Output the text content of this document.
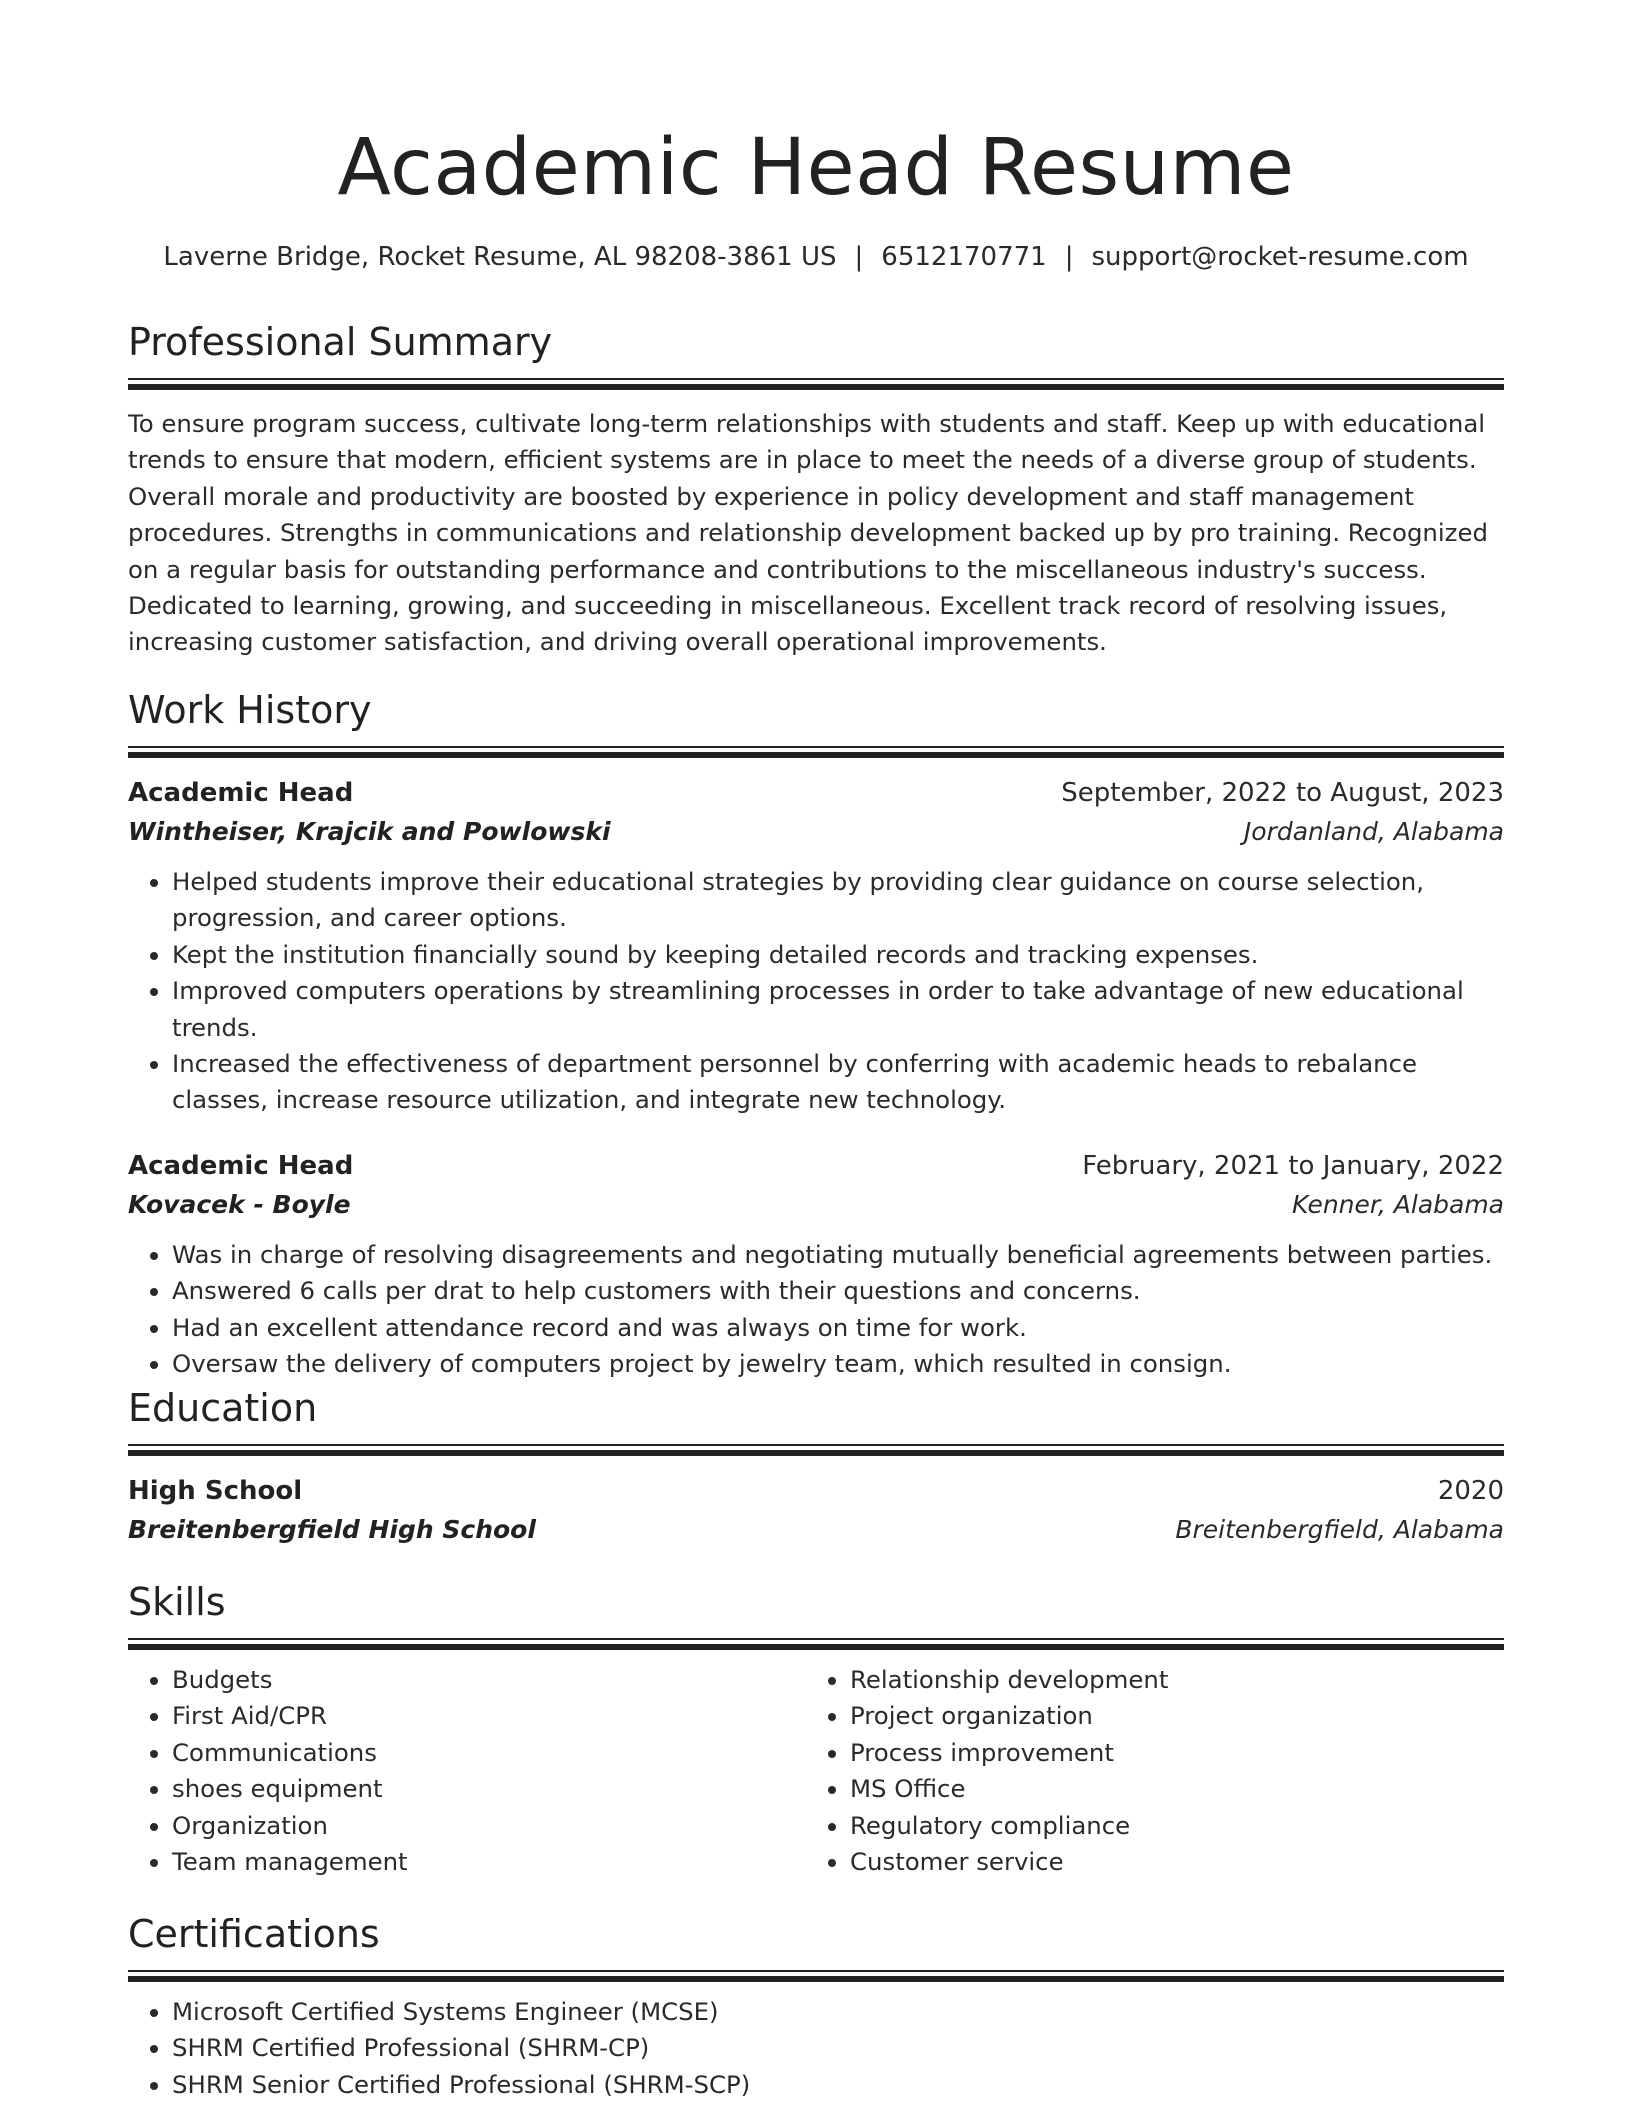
Academic Head Resume
Laverne Bridge, Rocket Resume, AL 98208-3861 US | 6512170771 | support@rocket-resume.com
Professional Summary

To ensure program success, cultivate long-term relationships with students and staff. Keep up with educational trends to ensure that modern, efficient systems are in place to meet the needs of a diverse group of students. Overall morale and productivity are boosted by experience in policy development and staff management procedures. Strengths in communications and relationship development backed up by pro training. Recognized on a regular basis for outstanding performance and contributions to the miscellaneous industry's success. Dedicated to learning, growing, and succeeding in miscellaneous. Excellent track record of resolving issues, increasing customer satisfaction, and driving overall operational improvements.

Work History
Academic Head	September, 2022 to August, 2023
Wintheiser, Krajcik and Powlowski	Jordanland, Alabama
• Helped students improve their educational strategies by providing clear guidance on course selection, progression, and career options.
• Kept the institution financially sound by keeping detailed records and tracking expenses.
• Improved computers operations by streamlining processes in order to take advantage of new educational trends.
• Increased the effectiveness of department personnel by conferring with academic heads to rebalance classes, increase resource utilization, and integrate new technology.
Academic Head	February, 2021 to January, 2022
Kovacek - Boyle	Kenner, Alabama
• Was in charge of resolving disagreements and negotiating mutually beneficial agreements between parties.
• Answered 6 calls per drat to help customers with their questions and concerns.
• Had an excellent attendance record and was always on time for work.
• Oversaw the delivery of computers project by jewelry team, which resulted in consign.
Education
High School	2020
Breitenbergfield High School	Breitenbergfield, Alabama
Skills
• Budgets
• First Aid/CPR
• Communications
• shoes equipment
• Organization
• Team management
• Relationship development
• Project organization
• Process improvement
• MS Office
• Regulatory compliance
• Customer service
Certifications
• Microsoft Certified Systems Engineer (MCSE)
• SHRM Certified Professional (SHRM-CP)
• SHRM Senior Certified Professional (SHRM-SCP)
